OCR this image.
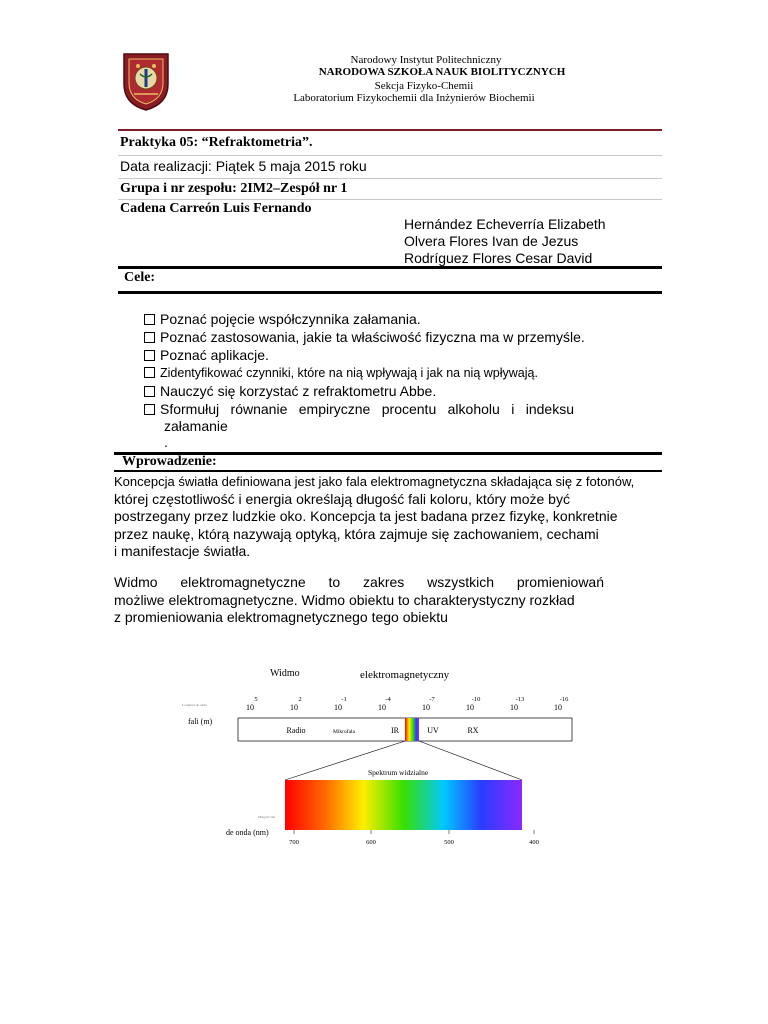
Narodowy Instytut Politechniczny
NARODOWA SZKOŁA NAUK BIOLITYCZNYCH
Sekcja Fizyko-Chemii
Laboratorium Fizykochemii dla Inżynierów Biochemii
Praktyka 05: “Refraktometria”.
Data realizacji: Piątek 5 maja 2015 roku
Grupa i nr zespołu: 2IM2–Zespół nr 1
Cadena Carreón Luis Fernando
Hernández Echeverría Elizabeth
Olvera Flores Ivan de Jezus
Rodríguez Flores Cesar David
Cele:
Poznać pojęcie współczynnika załamania.
Poznać zastosowania, jakie ta właściwość fizyczna ma w przemyśle.
Poznać aplikacje.
Zidentyfikować czynniki, które na nią wpływają i jak na nią wpływają.
Nauczyć się korzystać z refraktometru Abbe.
Sformułuj równanie empiryczne procentu alkoholu i indeksu
załamanie
.
Wprowadzenie:
Koncepcja światła definiowana jest jako fala elektromagnetyczna składająca się z fotonów,
której częstotliwość i energia określają długość fali koloru, który może być
postrzegany przez ludzkie oko. Koncepcja ta jest badana przez fizykę, konkretnie
przez naukę, którą nazywają optyką, która zajmuje się zachowaniem, cechami
i manifestacje światła.
Widmo elektromagnetyczne to zakres wszystkich promieniowań
możliwe elektromagnetyczne. Widmo obiektu to charakterystyczny rozkład
z promieniowania elektromagnetycznego tego obiektu
Widmo	elektromagnetyczny
Longitud de onda
fali (m)
5	2	-1	-4	-7	-10	-13	-16
10	10	10	10	10	10	10	10
Radio	Mikrofala	IR	UV	RX
Spektrum widzialne
Długość fali
de onda (nm)
700	600	500	400
